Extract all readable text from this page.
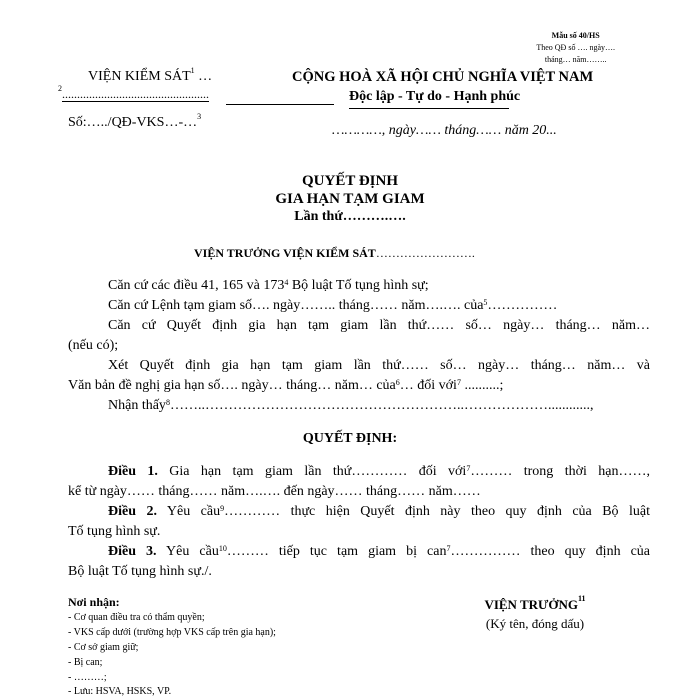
Mẫu số 40/HS
Theo QĐ số …. ngày….
tháng… năm……..
VIỆN KIỂM SÁT$^1$ …
$^2$.................................................
Số:…../QĐ-VKS…-…$^3$
CỘNG HOÀ XÃ HỘI CHỦ NGHĨA VIỆT NAM
Độc lập - Tự do - Hạnh phúc
…………, ngày…… tháng…… năm 20...
QUYẾT ĐỊNH
GIA HẠN TẠM GIAM
Lần thứ……….….
VIỆN TRƯỞNG VIỆN KIỂM SÁT…………………….
Căn cứ các điều 41, 165 và $173^4$ Bộ luật Tố tụng hình sự;
Căn cứ Lệnh tạm giam số…. ngày…….. tháng…… năm….…. của$^5$……………
Căn cứ Quyết định gia hạn tạm giam lần thứ…… số… ngày… tháng… năm…
(nếu có);
Xét Quyết định gia hạn tạm giam lần thứ…… số… ngày… tháng… năm… và
Văn bản đề nghị gia hạn số…. ngày… tháng… năm… của$^6$… đối với$^7$ ..........;
Nhận thấy$^8$……..………………………………………………..………………............,
QUYẾT ĐỊNH:
Điều 1. Gia hạn tạm giam lần thứ………… đối với$^7$……… trong thời hạn……,
kể từ ngày…… tháng…… năm….…. đến ngày…… tháng…… năm……
Điều 2. Yêu cầu$^9$………… thực hiện Quyết định này theo quy định của Bộ luật
Tố tụng hình sự.
Điều 3. Yêu cầu$^{10}$……… tiếp tục tạm giam bị can$^7$…………… theo quy định của
Bộ luật Tố tụng hình sự./.
Nơi nhận:
- Cơ quan điều tra có thẩm quyền;
- VKS cấp dưới (trường hợp VKS cấp trên gia hạn);
- Cơ sở giam giữ;
- Bị can;
- ………;
- Lưu: HSVA, HSKS, VP.
VIỆN TRƯỞNG$^{11}$
(Ký tên, đóng dấu)
